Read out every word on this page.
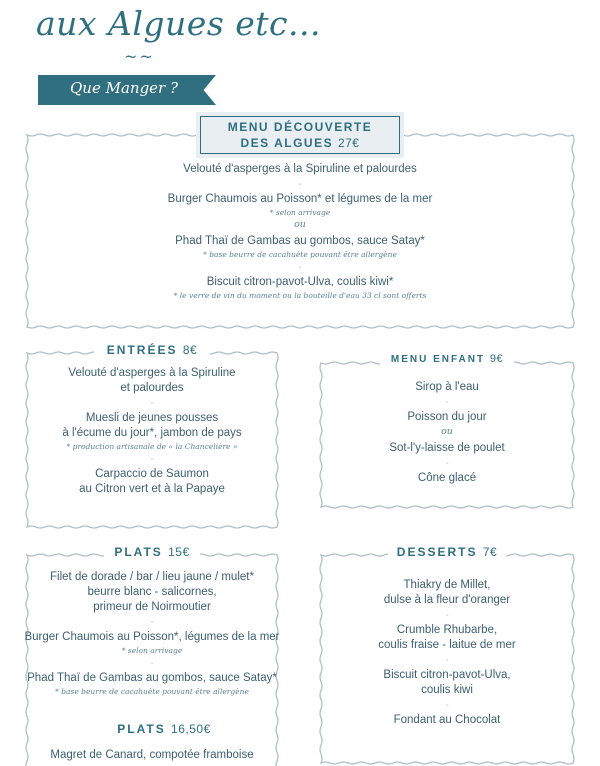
aux Algues etc...
~~
Que Manger ?
Velouté d'asperges à la Spiruline et palourdes
-
Burger Chaumois au Poisson* et légumes de la mer
* selon arrivage
ou
Phad Thaï de Gambas au gombos, sauce Satay*
* base beurre de cacahuète pouvant être allergène
-
Biscuit citron-pavot-Ulva, coulis kiwi*
* le verre de vin du moment ou la bouteille d'eau 33 cl sont offerts
MENU DÉCOUVERTE
DES ALGUES 27€
Velouté d'asperges à la Spiruline
et palourdes
-
Muesli de jeunes pousses
à l'écume du jour*, jambon de pays
* production artisanale de « la Chancelière »
-
Carpaccio de Saumon
au Citron vert et à la Papaye
ENTRÉES 8€
Sirop à l'eau
-
Poisson du jour
ou
Sot-l'y-laisse de poulet
-
Cône glacé
MENU ENFANT 9€
Filet de dorade / bar / lieu jaune / mulet*
beurre blanc - salicornes,
primeur de Noirmoutier
-
Burger Chaumois au Poisson*, légumes de la mer
* selon arrivage
-
Phad Thaï de Gambas au gombos, sauce Satay*
* base beurre de cacahuète pouvant être allergène
PLATS 16,50€
Magret de Canard, compotée framboise
PLATS 15€
Thiakry de Millet,
dulse à la fleur d'oranger
-
Crumble Rhubarbe,
coulis fraise - laitue de mer
-
Biscuit citron-pavot-Ulva,
coulis kiwi
-
Fondant au Chocolat
DESSERTS 7€
